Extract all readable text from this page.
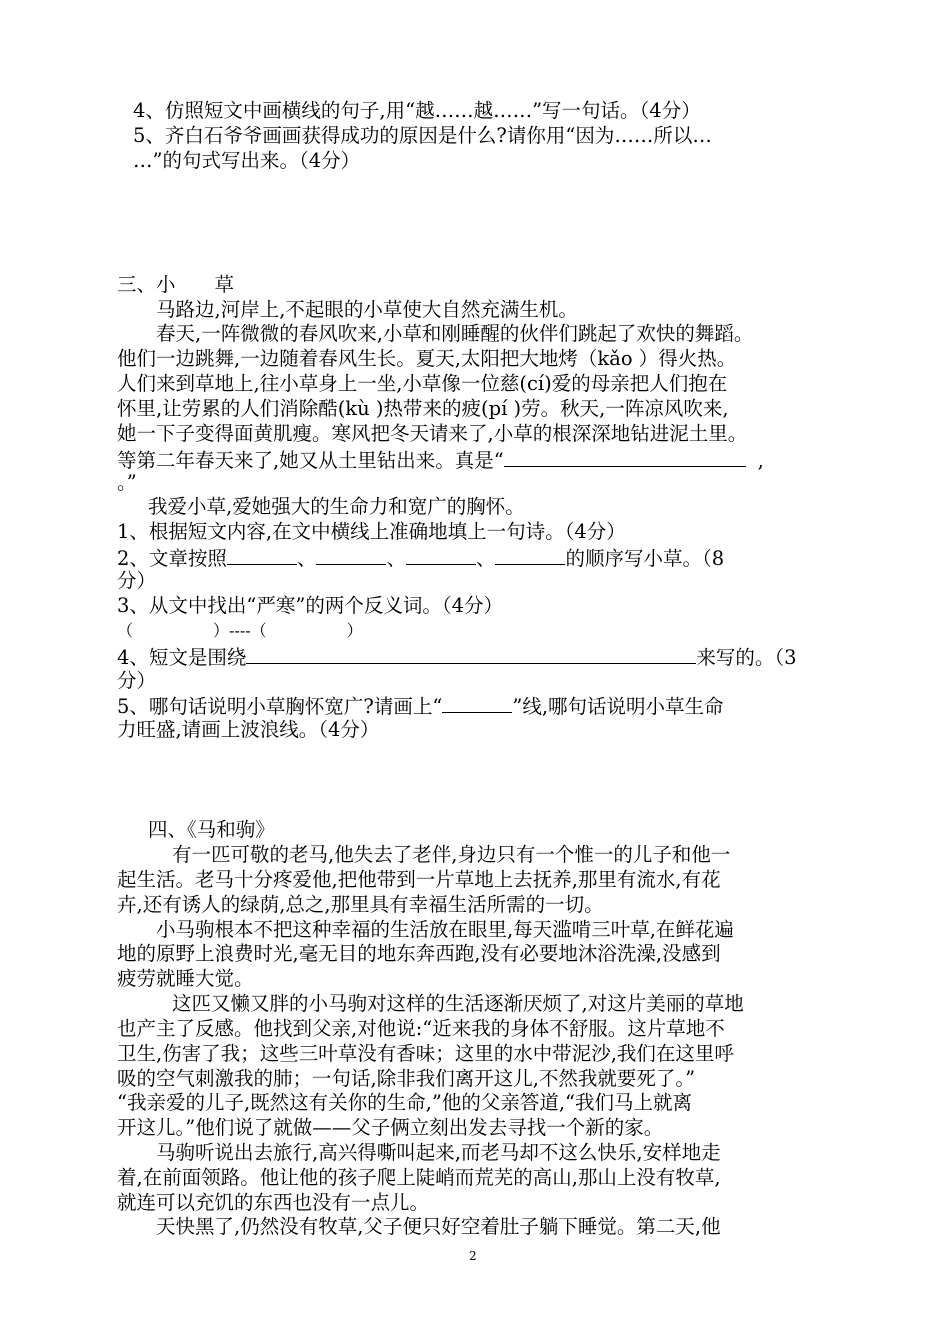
4、仿照短文中画横线的句子,用“越……越……”写一句话。（4分）
5、齐白石爷爷画画获得成功的原因是什么?请你用“因为……所以…
…”的句式写出来。（4分）
三、小　　草
马路边,河岸上,不起眼的小草使大自然充满生机。
春天,一阵微微的春风吹来,小草和刚睡醒的伙伴们跳起了欢快的舞蹈。
他们一边跳舞,一边随着春风生长。夏天,太阳把大地烤（kǎo ）得火热。
人们来到草地上,往小草身上一坐,小草像一位慈(cí)爱的母亲把人们抱在
怀里,让劳累的人们消除酷(kù )热带来的疲(pí )劳。秋天,一阵凉风吹来,
她一下子变得面黄肌瘦。寒风把冬天请来了,小草的根深深地钻进泥土里。
等第二年春天来了,她又从土里钻出来。真是“	,
。”
我爱小草,爱她强大的生命力和宽广的胸怀。
1、根据短文内容,在文中横线上准确地填上一句诗。（4分）
2、文章按照	、	、	、	的顺序写小草。（8
分）
3、从文中找出“严寒”的两个反义词。（4分）
（　　　　　）----（　　　　　）
4、短文是围绕	来写的。（3
分）
5、哪句话说明小草胸怀宽广?请画上“	”线,哪句话说明小草生命
力旺盛,请画上波浪线。（4分）
四、《马和驹》
有一匹可敬的老马,他失去了老伴,身边只有一个惟一的儿子和他一
起生活。老马十分疼爱他,把他带到一片草地上去抚养,那里有流水,有花
卉,还有诱人的绿荫,总之,那里具有幸福生活所需的一切。
小马驹根本不把这种幸福的生活放在眼里,每天滥啃三叶草,在鲜花遍
地的原野上浪费时光,毫无目的地东奔西跑,没有必要地沐浴洗澡,没感到
疲劳就睡大觉。
这匹又懒又胖的小马驹对这样的生活逐渐厌烦了,对这片美丽的草地
也产主了反感。他找到父亲,对他说:“近来我的身体不舒服。这片草地不
卫生,伤害了我；这些三叶草没有香味；这里的水中带泥沙,我们在这里呼
吸的空气刺激我的肺；一句话,除非我们离开这儿,不然我就要死了。”
“我亲爱的儿子,既然这有关你的生命,”他的父亲答道,“我们马上就离
开这儿。”他们说了就做——父子俩立刻出发去寻找一个新的家。
马驹听说出去旅行,高兴得嘶叫起来,而老马却不这么快乐,安样地走
着,在前面领路。他让他的孩子爬上陡峭而荒芜的高山,那山上没有牧草,
就连可以充饥的东西也没有一点儿。
天快黑了,仍然没有牧草,父子便只好空着肚子躺下睡觉。第二天,他
2
